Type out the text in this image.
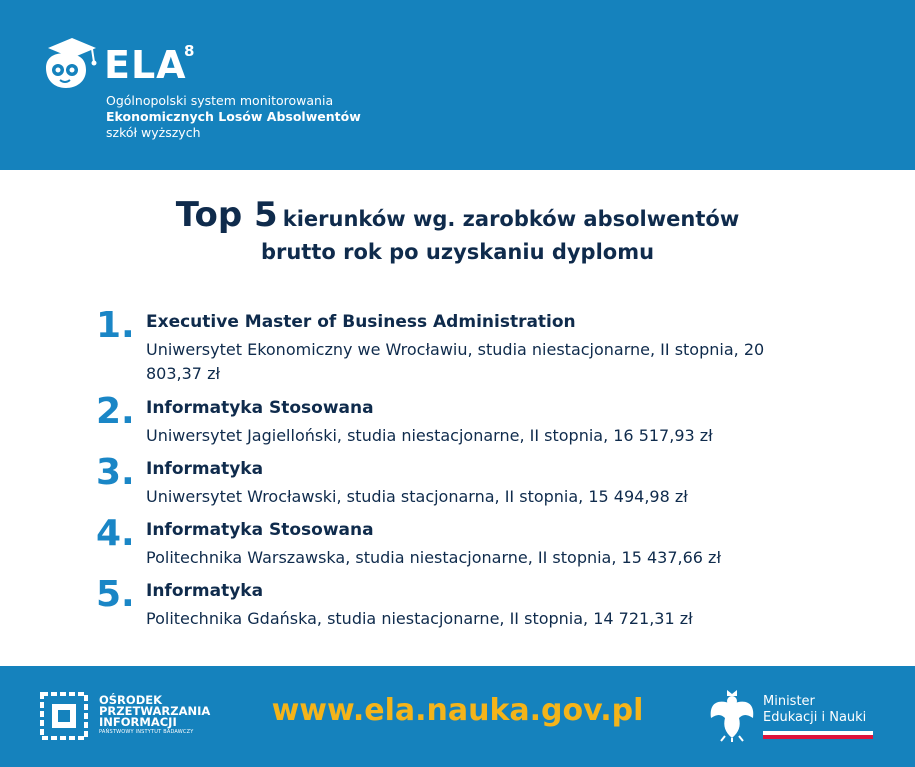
ELA
8
Ogólnopolski system monitorowania
Ekonomicznych Losów Absolwentów
szkół wyższych
Top 5 kierunków wg. zarobków absolwentów
brutto rok po uzyskaniu dyplomu
1. Executive Master of Business Administration
Uniwersytet Ekonomiczny we Wrocławiu, studia niestacjonarne, II stopnia, 20 803,37 zł
2. Informatyka Stosowana
Uniwersytet Jagielloński, studia niestacjonarne, II stopnia, 16 517,93 zł
3. Informatyka
Uniwersytet Wrocławski, studia stacjonarna, II stopnia, 15 494,98 zł
4. Informatyka Stosowana
Politechnika Warszawska, studia niestacjonarne, II stopnia, 15 437,66 zł
5. Informatyka
Politechnika Gdańska, studia niestacjonarne, II stopnia, 14 721,31 zł
OŚRODEK
PRZETWARZANIA
INFORMACJI
PAŃSTWOWY INSTYTUT BADAWCZY
www.ela.nauka.gov.pl	Minister
Edukacji i Nauki
